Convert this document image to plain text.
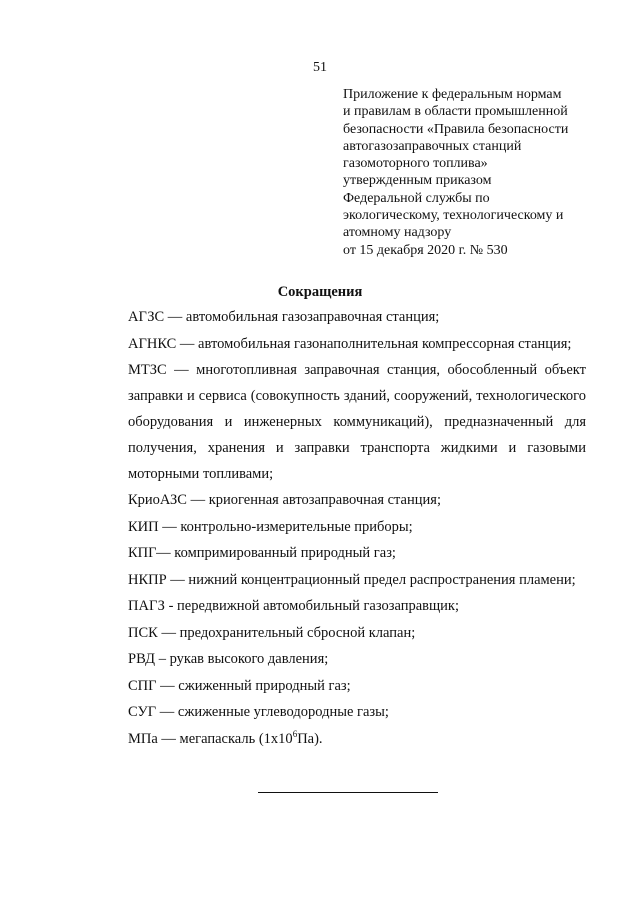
51
Приложение к федеральным нормам
и правилам в области промышленной
безопасности «Правила безопасности
автогазозаправочных станций
газомоторного топлива»
утвержденным приказом
Федеральной службы по
экологическому, технологическому и
атомному надзору
от 15 декабря 2020 г. № 530
Сокращения
АГЗС — автомобильная газозаправочная станция;
АГНКС — автомобильная газонаполнительная компрессорная станция;
МТЗС — многотопливная заправочная станция, обособленный объект заправки и сервиса (совокупность зданий, сооружений, технологического оборудования и инженерных коммуникаций), предназначенный для получения, хранения и заправки транспорта жидкими и газовыми моторными топливами;
КриоАЗС — криогенная автозаправочная станция;
КИП — контрольно-измерительные приборы;
КПГ— компримированный природный газ;
НКПР — нижний концентрационный предел распространения пламени;
ПАГЗ - передвижной автомобильный газозаправщик;
ПСК — предохранительный сбросной клапан;
РВД – рукав высокого давления;
СПГ — сжиженный природный газ;
СУГ — сжиженные углеводородные газы;
МПа — мегапаскаль $(1x10^6Па)$.
